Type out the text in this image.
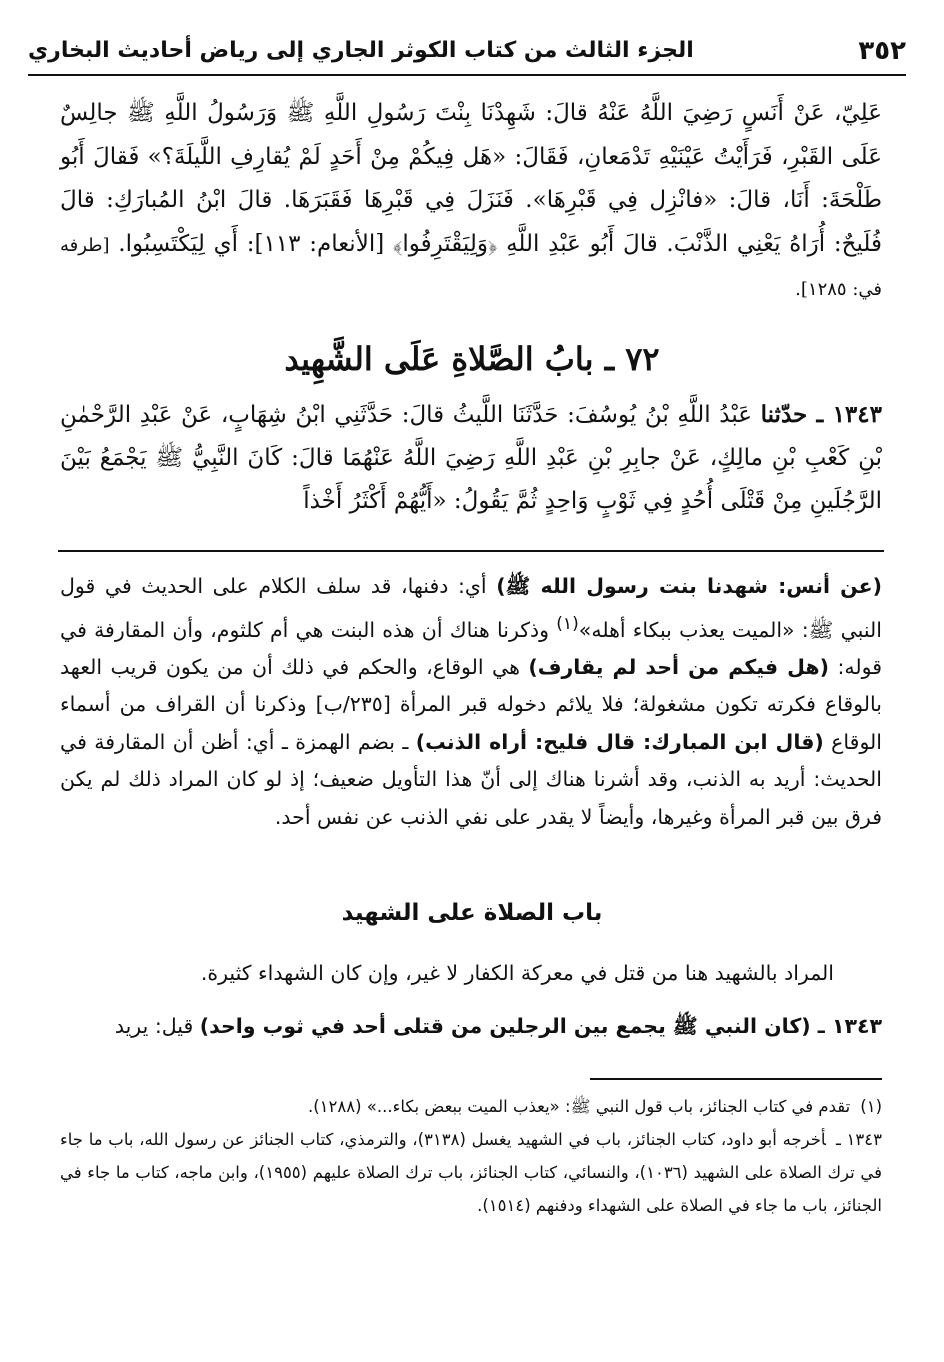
٣٥٢
الجزء الثالث من كتاب الكوثر الجاري إلى رياض أحاديث البخاري
عَلِيّ، عَنْ أَنَسٍ رَضِيَ اللَّهُ عَنْهُ قالَ: شَهِدْنَا بِنْتَ رَسُولِ اللَّهِ ﷺ وَرَسُولُ اللَّهِ ﷺ جالِسٌ عَلَى القَبْرِ، فَرَأَيْتُ عَيْنَيْهِ تَدْمَعانِ، فَقَالَ: «هَل فِيكُمْ مِنْ أَحَدٍ لَمْ يُقارِفِ اللَّيلَةَ؟» فَقالَ أَبُو طَلْحَةَ: أَنَا، قالَ: «فانْزِل فِي قَبْرِهَا». فَنَزَلَ فِي قَبْرِهَا فَقَبَرَهَا. قالَ ابْنُ المُبارَكِ: قالَ فُلَيحٌ: أُرَاهُ يَعْنِي الذَّنْبَ. قالَ أَبُو عَبْدِ اللَّهِ ﴿وَلِيَقْتَرِفُوا﴾ [الأنعام: ١١٣]: أَي لِيَكْتَسِبُوا. [طرفه في: ١٢٨٥].
٧٢ ـ بابُ الصَّلاةِ عَلَى الشَّهِيد
١٣٤٣ ـ حدّثنا عَبْدُ اللَّهِ بْنُ يُوسُفَ: حَدَّثَنَا اللَّيثُ قالَ: حَدَّثَنِي ابْنُ شِهَابٍ، عَنْ عَبْدِ الرَّحْمٰنِ بْنِ كَعْبِ بْنِ مالِكٍ، عَنْ جابِرِ بْنِ عَبْدِ اللَّهِ رَضِيَ اللَّهُ عَنْهُمَا قالَ: كَانَ النَّبِيُّ ﷺ يَجْمَعُ بَيْنَ الرَّجُلَينِ مِنْ قَتْلَى أُحُدٍ فِي ثَوْبٍ وَاحِدٍ ثُمَّ يَقُولُ: «أَيُّهُمْ أَكْثَرُ أَخْذاً
(عن أنس: شهدنا بنت رسول الله ﷺ) أي: دفنها، قد سلف الكلام على الحديث في قول النبي ﷺ: «الميت يعذب ببكاء أهله»$^{(١)}$ وذكرنا هناك أن هذه البنت هي أم كلثوم، وأن المقارفة في قوله: (هل فيكم من أحد لم يقارف) هي الوقاع، والحكم في ذلك أن من يكون قريب العهد بالوقاع فكرته تكون مشغولة؛ فلا يلائم دخوله قبر المرأة [٢٣٥/ب] وذكرنا أن القراف من أسماء الوقاع (قال ابن المبارك: قال فليح: أراه الذنب) ـ بضم الهمزة ـ أي: أظن أن المقارفة في الحديث: أريد به الذنب، وقد أشرنا هناك إلى أنّ هذا التأويل ضعيف؛ إذ لو كان المراد ذلك لم يكن فرق بين قبر المرأة وغيرها، وأيضاً لا يقدر على نفي الذنب عن نفس أحد.
باب الصلاة على الشهيد
المراد بالشهيد هنا من قتل في معركة الكفار لا غير، وإن كان الشهداء كثيرة.
١٣٤٣ ـ (كان النبي ﷺ يجمع بين الرجلين من قتلى أحد في ثوب واحد) قيل: يريد

(١)تقدم في كتاب الجنائز، باب قول النبي ﷺ: «يعذب الميت ببعض بكاء...» (١٢٨٨).

١٣٤٣ ـأخرجه أبو داود، كتاب الجنائز، باب في الشهيد يغسل (٣١٣٨)، والترمذي، كتاب الجنائز عن رسول الله، باب ما جاء في ترك الصلاة على الشهيد (١٠٣٦)، والنسائي، كتاب الجنائز، باب ترك الصلاة عليهم (١٩٥٥)، وابن ماجه، كتاب ما جاء في الجنائز، باب ما جاء في الصلاة على الشهداء ودفنهم (١٥١٤).
